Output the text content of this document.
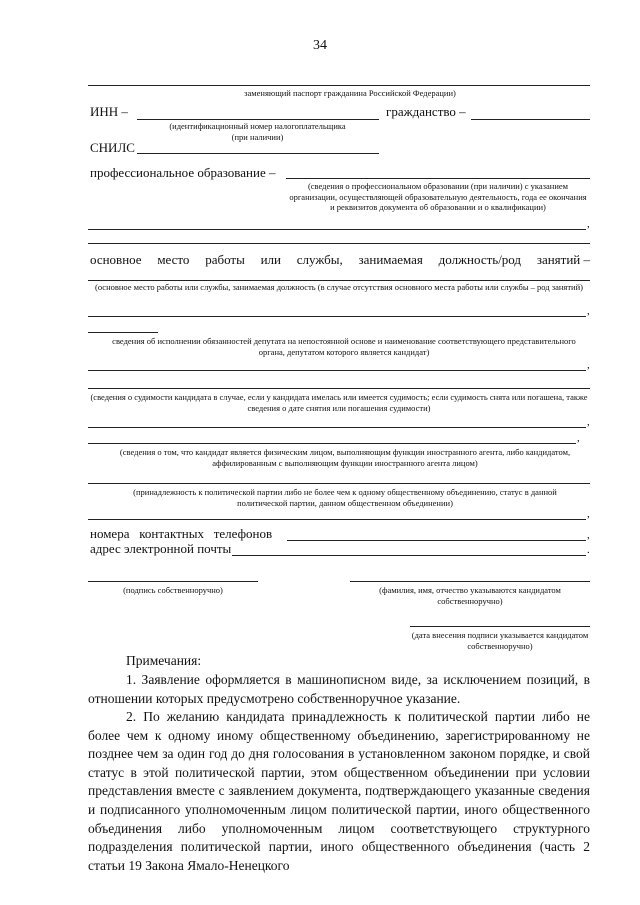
34
заменяющий паспорт гражданина Российской Федерации)
ИНН –	гражданство –
(идентификационный номер налогоплательщика
(при наличии)
СНИЛС
профессиональное образование –
(сведения о профессиональном образовании (при наличии) с указанием организации, осуществляющей образовательную деятельность, года ее окончания и реквизитов документа об образовании и о квалификации)
,
основное место работы или службы, занимаемая должность/род занятий –
(основное место работы или службы, занимаемая должность (в случае отсутствия основного места работы или службы – род занятий)
,
сведения об исполнении обязанностей депутата на непостоянной основе и наименование соответствующего представительного органа, депутатом которого является кандидат)
,
(сведения о судимости кандидата в случае, если у кандидата имелась или имеется судимость; если судимость снята или погашена, также сведения о дате снятия или погашения судимости)
,
,
(сведения о том, что кандидат является физическим лицом, выполняющим функции иностранного агента, либо кандидатом, аффилированным с выполняющим функции иностранного агента лицом)
(принадлежность к политической партии либо не более чем к одному общественному объединению, статус в данной политической партии, данном общественном объединении)
,
номера   контактных   телефонов	,
адрес электронной почты	.
(подпись собственноручно)	(фамилия, имя, отчество указываются кандидатом собственноручно)
(дата внесения подписи указывается кандидатом собственноручно)
Примечания:
1. Заявление оформляется в машинописном виде, за исключением позиций, в отношении которых предусмотрено собственноручное указание.
2. По желанию кандидата принадлежность к политической партии либо не более чем к одному иному общественному объединению, зарегистрированному не позднее чем за один год до дня голосования в установленном законом порядке, и свой статус в этой политической партии, этом общественном объединении при условии представления вместе с заявлением документа, подтверждающего указанные сведения и подписанного уполномоченным лицом политической партии, иного общественного объединения либо уполномоченным лицом соответствующего структурного подразделения политической партии, иного общественного объединения (часть 2 статьи 19 Закона Ямало-Ненецкого
